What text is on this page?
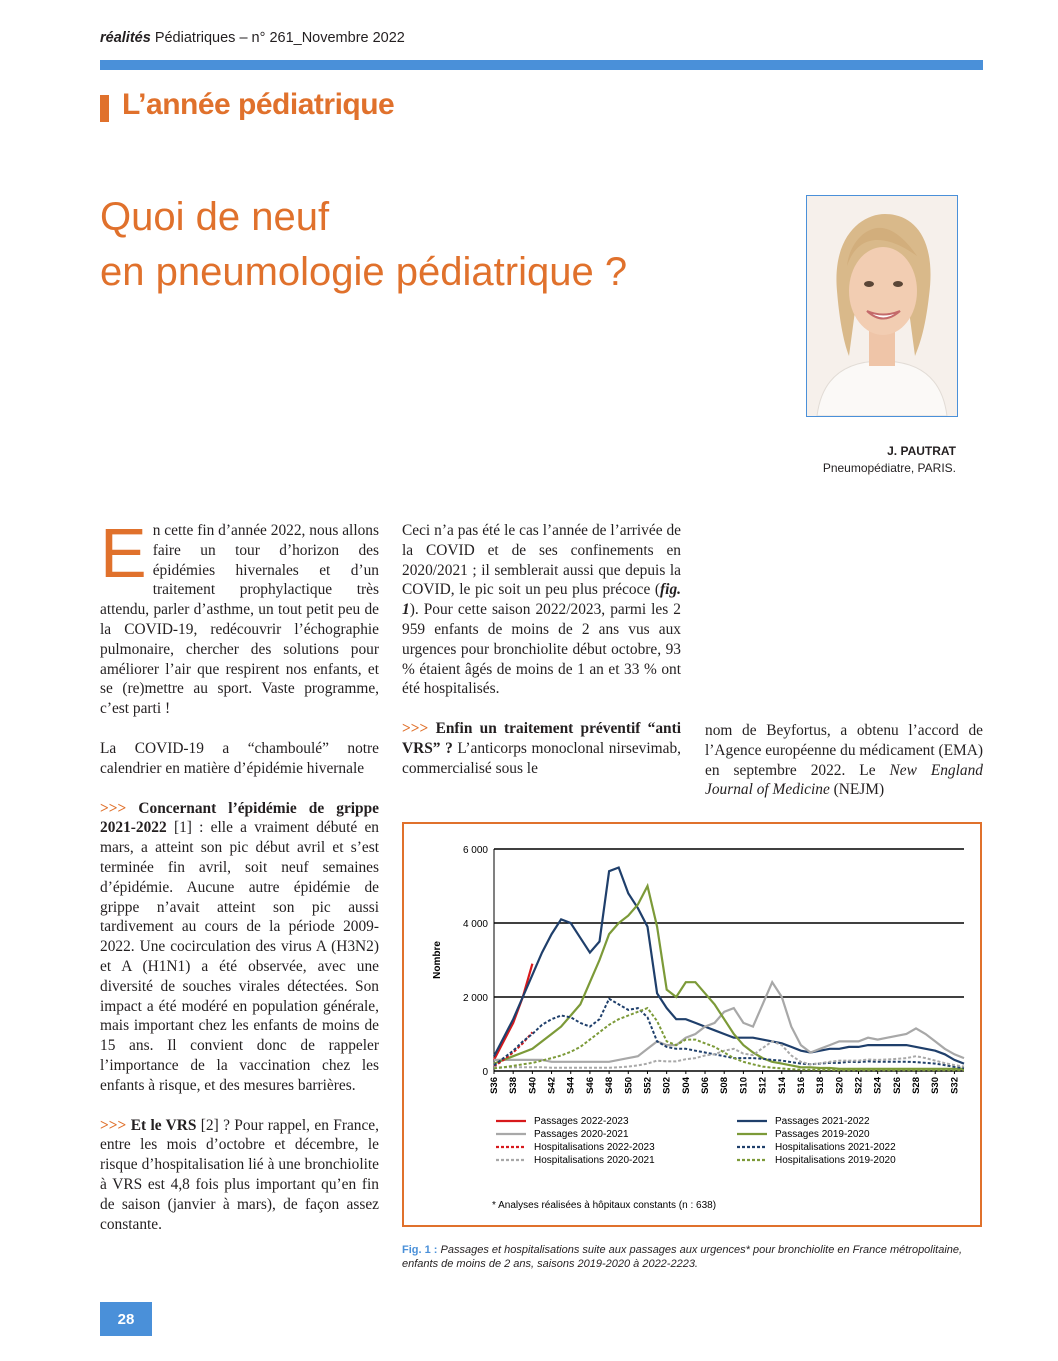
réalités Pédiatriques – n° 261_Novembre 2022
L’année pédiatrique
Quoi de neuf
en pneumologie pédiatrique ?
J. PAUTRAT
Pneumopédiatre, PARIS.

En cette fin d’année 2022, nous allons faire un tour d’horizon des épidémies hivernales et d’un traitement prophylactique très attendu, parler d’asthme, un tout petit peu de la COVID-19, redécouvrir l’échographie pulmonaire, chercher des solutions pour améliorer l’air que respirent nos enfants, et se (re)mettre au sport. Vaste programme, c’est parti !

La COVID-19 a “chamboulé” notre calendrier en matière d’épidémie hivernale

>>> Concernant l’épidémie de grippe 2021-2022 [1] : elle a vraiment débuté en mars, a atteint son pic début avril et s’est terminée fin avril, soit neuf semaines d’épidémie. Aucune autre épidémie de grippe n’avait atteint son pic aussi tardivement au cours de la période 2009-2022. Une cocirculation des virus A (H3N2) et A (H1N1) a été observée, avec une diversité de souches virales détectées. Son impact a été modéré en population générale, mais important chez les enfants de moins de 15 ans. Il convient donc de rappeler l’importance de la vaccination chez les enfants à risque, et des mesures barrières.

>>> Et le VRS [2] ? Pour rappel, en France, entre les mois d’octobre et décembre, le risque d’hospitalisation lié à une bronchiolite à VRS est 4,8 fois plus important qu’en fin de saison (janvier à mars), de façon assez constante.

Ceci n’a pas été le cas l’année de l’arrivée de la COVID et de ses confinements en 2020/2021 ; il semblerait aussi que depuis la COVID, le pic soit un peu plus précoce (fig. 1). Pour cette saison 2022/2023, parmi les 2 959 enfants de moins de 2 ans vus aux urgences pour bronchiolite début octobre, 93 % étaient âgés de moins de 1 an et 33 % ont été hospitalisés.

>>> Enfin un traitement préventif “anti VRS” ? L’anticorps monoclonal nirsevimab, commercialisé sous le

nom de Beyfortus, a obtenu l’accord de l’Agence européenne du médicament (EMA) en septembre 2022. Le New England Journal of Medicine (NEJM)

0
2 000
4 000
6 000
Nombre
S36 S38 S40 S42 S44 S46 S48 S50 S52 S02 S04 S06 S08 S10 S12 S14 S16 S18 S20 S22 S24 S26 S28 S30 S32
Passages 2022-2023	Passages 2021-2022
Passages 2020-2021	Passages 2019-2020
Hospitalisations 2022-2023	Hospitalisations 2021-2022
Hospitalisations 2020-2021	Hospitalisations 2019-2020
* Analyses réalisées à hôpitaux constants (n : 638)
Fig. 1 : Passages et hospitalisations suite aux passages aux urgences* pour bronchiolite en France métropolitaine, enfants de moins de 2 ans, saisons 2019-2020 à 2022-2223.
28
